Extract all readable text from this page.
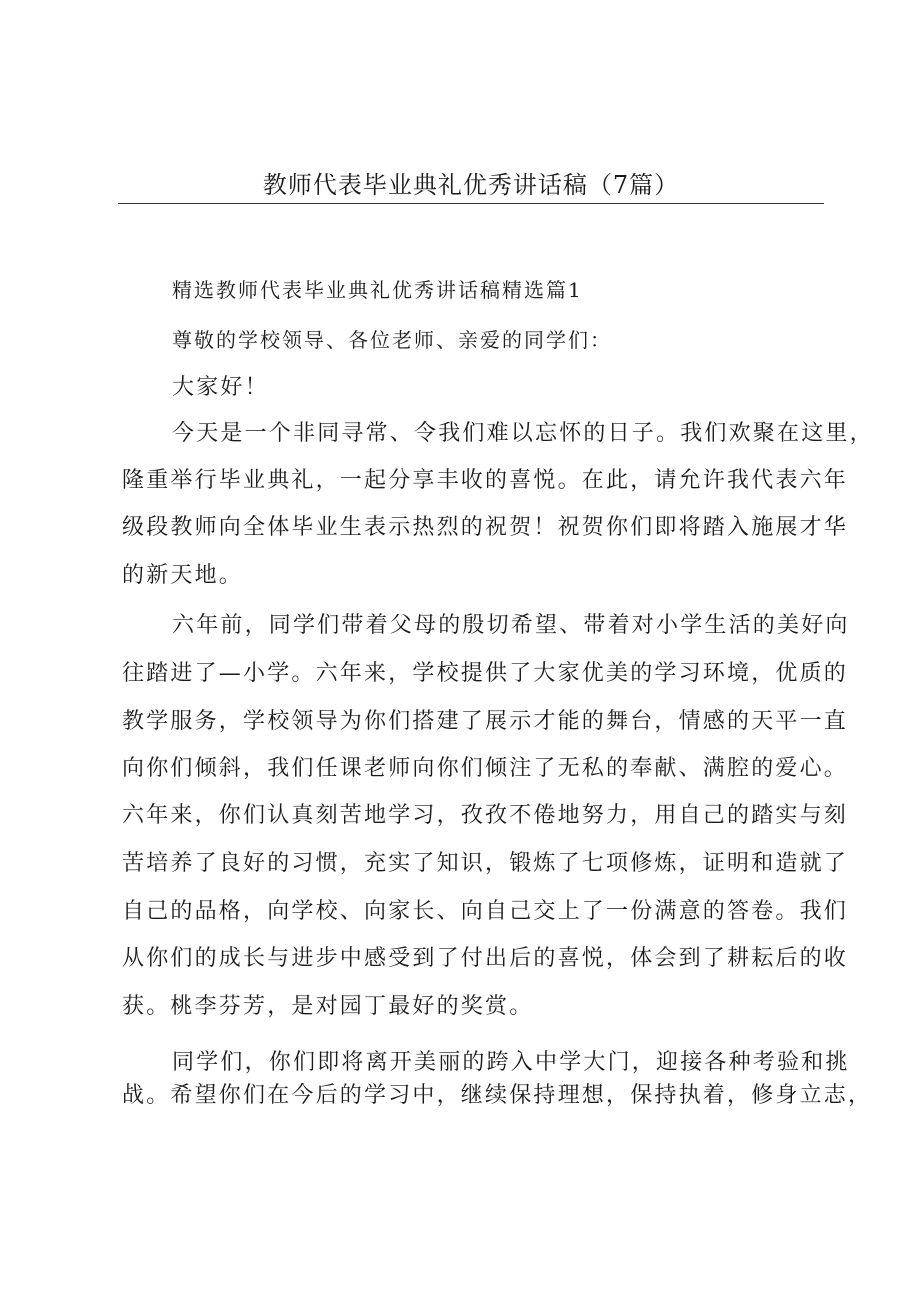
教师代表毕业典礼优秀讲话稿（7篇）
精选教师代表毕业典礼优秀讲话稿精选篇1
尊敬的学校领导、各位老师、亲爱的同学们：
大家好！
今天是一个非同寻常、令我们难以忘怀的日子。我们欢聚在这里，
隆重举行毕业典礼，一起分享丰收的喜悦。在此，请允许我代表六年
级段教师向全体毕业生表示热烈的祝贺！祝贺你们即将踏入施展才华
的新天地。
六年前，同学们带着父母的殷切希望、带着对小学生活的美好向
往踏进了—小学。六年来，学校提供了大家优美的学习环境，优质的
教学服务，学校领导为你们搭建了展示才能的舞台，情感的天平一直
向你们倾斜，我们任课老师向你们倾注了无私的奉献、满腔的爱心。
六年来，你们认真刻苦地学习，孜孜不倦地努力，用自己的踏实与刻
苦培养了良好的习惯，充实了知识，锻炼了七项修炼，证明和造就了
自己的品格，向学校、向家长、向自己交上了一份满意的答卷。我们
从你们的成长与进步中感受到了付出后的喜悦，体会到了耕耘后的收
获。桃李芬芳，是对园丁最好的奖赏。
同学们，你们即将离开美丽的跨入中学大门，迎接各种考验和挑
战。希望你们在今后的学习中，继续保持理想，保持执着，修身立志，
